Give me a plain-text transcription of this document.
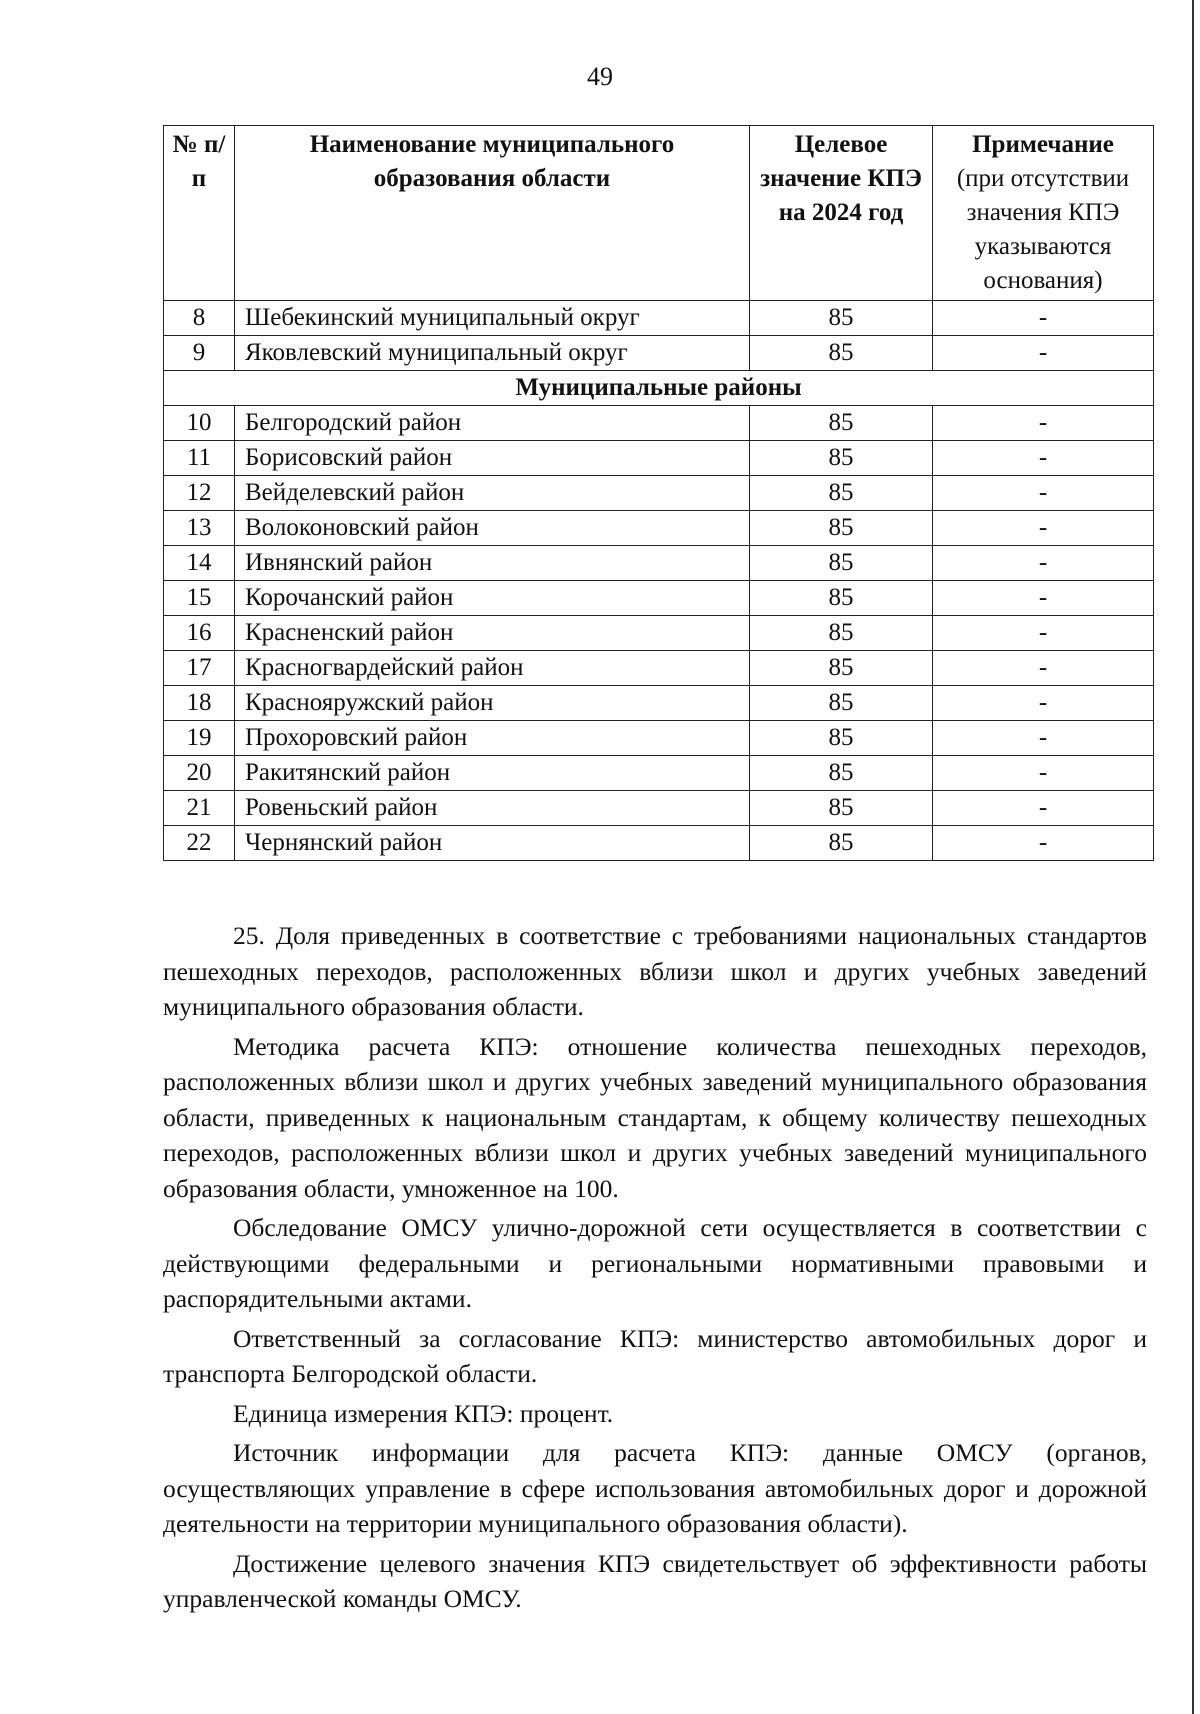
49
№ п/п	Наименование муниципального образования области	Целевое значение КПЭ на 2024 год	Примечание
(при отсутствии значения КПЭ указываются основания)
8	Шебекинский муниципальный округ	85	-
9	Яковлевский муниципальный округ	85	-
Муниципальные районы			
10	Белгородский район	85	-
11	Борисовский район	85	-
12	Вейделевский район	85	-
13	Волоконовский район	85	-
14	Ивнянский район	85	-
15	Корочанский район	85	-
16	Красненский район	85	-
17	Красногвардейский район	85	-
18	Краснояружский район	85	-
19	Прохоровский район	85	-
20	Ракитянский район	85	-
21	Ровеньский район	85	-
22	Чернянский район	85	-

25. Доля приведенных в соответствие с требованиями национальных стандартов пешеходных переходов, расположенных вблизи школ и других учебных заведений муниципального образования области.

Методика расчета КПЭ: отношение количества пешеходных переходов, расположенных вблизи школ и других учебных заведений муниципального образования области, приведенных к национальным стандартам, к общему количеству пешеходных переходов, расположенных вблизи школ и других учебных заведений муниципального образования области, умноженное на 100.

Обследование ОМСУ улично-дорожной сети осуществляется в соответствии с действующими федеральными и региональными нормативными правовыми и распорядительными актами.

Ответственный за согласование КПЭ: министерство автомобильных дорог и транспорта Белгородской области.

Единица измерения КПЭ: процент.

Источник информации для расчета КПЭ: данные ОМСУ (органов, осуществляющих управление в сфере использования автомобильных дорог и дорожной деятельности на территории муниципального образования области).

Достижение целевого значения КПЭ свидетельствует об эффективности работы управленческой команды ОМСУ.
